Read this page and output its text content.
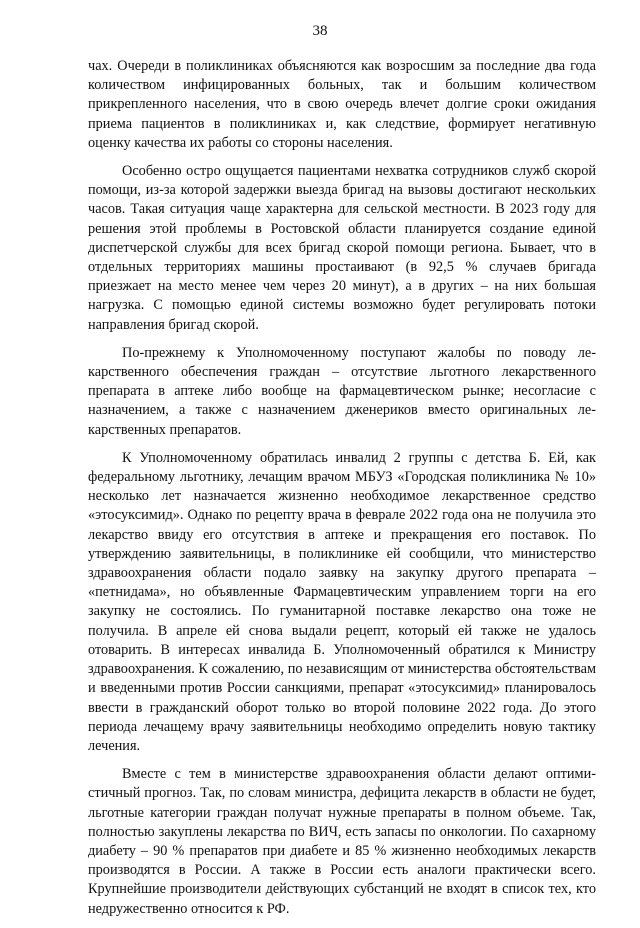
38

чах. Очереди в поликлиниках объясняются как возросшим за последние два года количеством инфицированных больных, так и большим количеством прикрепленного населения, что в свою очередь влечет долгие сроки ожидания приема пациентов в поликлиниках и, как следствие, формирует негативную оценку качества их работы со стороны населения.

Особенно остро ощущается пациентами нехватка сотрудников служб скорой помощи, из-за которой задержки выезда бригад на вызовы достигают нескольких часов. Такая ситуация чаще характерна для сельской местности. В 2023 году для решения этой проблемы в Ростовской области планируется создание единой диспетчерской службы для всех бригад скорой помощи региона. Бывает, что в отдельных территориях машины простаивают (в 92,5 % случаев бригада приезжает на место менее чем через 20 минут), а в других – на них большая нагрузка. С помощью единой системы возможно будет регулировать потоки направления бригад скорой.

По-прежнему к Уполномоченному поступают жалобы по поводу лекарственного обеспечения граждан – отсутствие льготного лекарственного препарата в аптеке либо вообще на фармацевтическом рынке; несогласие с назначением, а также с назначением дженериков вместо оригинальных лекарственных препаратов.

К Уполномоченному обратилась инвалид 2 группы с детства Б. Ей, как федеральному льготнику, лечащим врачом МБУЗ «Городская поликлиника № 10» несколько лет назначается жизненно необходимое лекарственное средство «этосуксимид». Однако по рецепту врача в феврале 2022 года она не получила это лекарство ввиду его отсутствия в аптеке и прекращения его поставок. По утверждению заявительницы, в поликлинике ей сообщили, что министерство здравоохранения области подало заявку на закупку другого препарата – «петнидама», но объявленные Фармацевтическим управлением торги на его закупку не состоялись. По гуманитарной поставке лекарство она тоже не получила. В апреле ей снова выдали рецепт, который ей также не удалось отоварить. В интересах инвалида Б. Уполномоченный обратился к Министру здравоохранения. К сожалению, по независящим от министерства обстоятельствам и введенными против России санкциями, препарат «этосуксимид» планировалось ввести в гражданский оборот только во второй половине 2022 года. До этого периода лечащему врачу заявительницы необходимо определить новую тактику лечения.

Вместе с тем в министерстве здравоохранения области делают оптимистичный прогноз. Так, по словам министра, дефицита лекарств в области не будет, льготные категории граждан получат нужные препараты в полном объеме. Так, полностью закуплены лекарства по ВИЧ, есть запасы по онкологии. По сахарному диабету – 90 % препаратов при диабете и 85 % жизненно необходимых лекарств производятся в России. А также в России есть аналоги практически всего. Крупнейшие производители действующих субстанций не входят в список тех, кто недружественно относится к РФ.
